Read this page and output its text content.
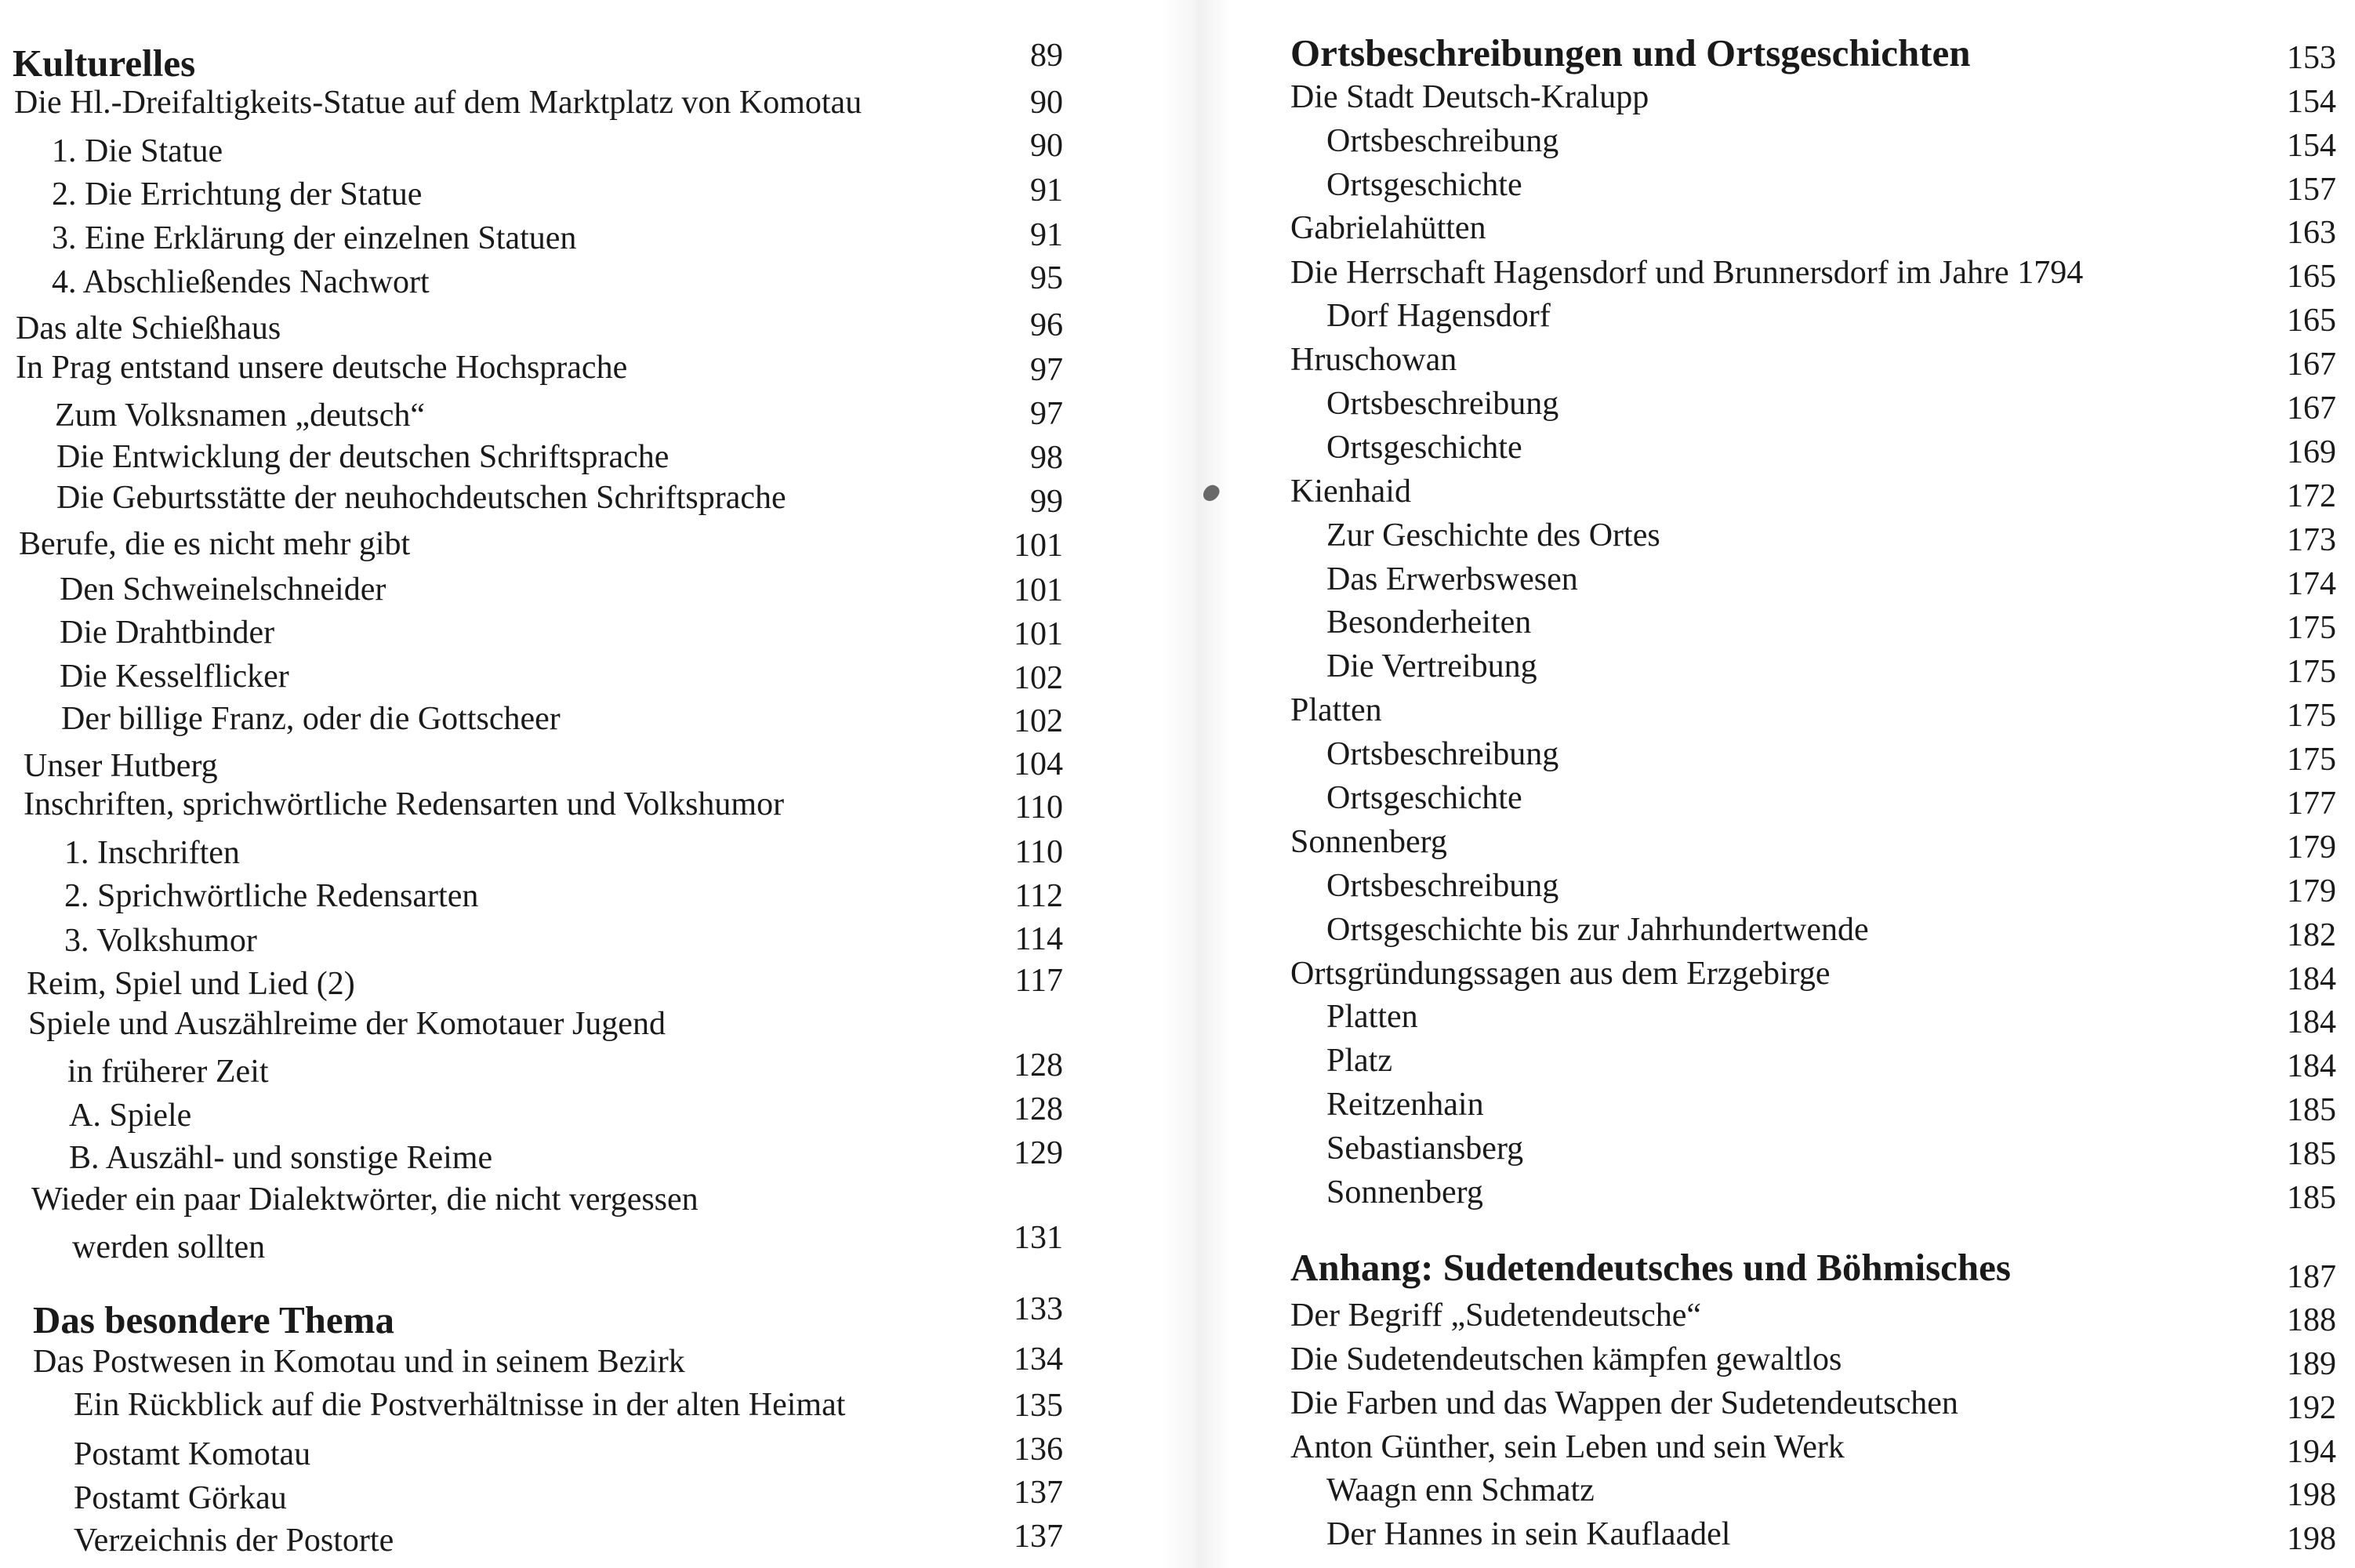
Kulturelles	89
Die Hl.-Dreifaltigkeits-Statue auf dem Marktplatz von Komotau	90
1. Die Statue	90
2. Die Errichtung der Statue	91
3. Eine Erklärung der einzelnen Statuen	91
4. Abschließendes Nachwort	95
Das alte Schießhaus	96
In Prag entstand unsere deutsche Hochsprache	97
Zum Volksnamen „deutsch“	97
Die Entwicklung der deutschen Schriftsprache	98
Die Geburtsstätte der neuhochdeutschen Schriftsprache	99
Berufe, die es nicht mehr gibt	101
Den Schweinelschneider	101
Die Drahtbinder	101
Die Kesselflicker	102
Der billige Franz, oder die Gottscheer	102
Unser Hutberg	104
Inschriften, sprichwörtliche Redensarten und Volkshumor	110
1. Inschriften	110
2. Sprichwörtliche Redensarten	112
3. Volkshumor	114
Reim, Spiel und Lied (2)	117
Spiele und Auszählreime der Komotauer Jugend
in früherer Zeit	128
A. Spiele	128
B. Auszähl- und sonstige Reime	129
Wieder ein paar Dialektwörter, die nicht vergessen
werden sollten	131
Das besondere Thema	133
Das Postwesen in Komotau und in seinem Bezirk	134
Ein Rückblick auf die Postverhältnisse in der alten Heimat	135
Postamt Komotau	136
Postamt Görkau	137
Verzeichnis der Postorte	137
Ortsbeschreibungen und Ortsgeschichten	153
Die Stadt Deutsch-Kralupp	154
Ortsbeschreibung	154
Ortsgeschichte	157
Gabrielahütten	163
Die Herrschaft Hagensdorf und Brunnersdorf im Jahre 1794	165
Dorf Hagensdorf	165
Hruschowan	167
Ortsbeschreibung	167
Ortsgeschichte	169
Kienhaid	172
Zur Geschichte des Ortes	173
Das Erwerbswesen	174
Besonderheiten	175
Die Vertreibung	175
Platten	175
Ortsbeschreibung	175
Ortsgeschichte	177
Sonnenberg	179
Ortsbeschreibung	179
Ortsgeschichte bis zur Jahrhundertwende	182
Ortsgründungssagen aus dem Erzgebirge	184
Platten	184
Platz	184
Reitzenhain	185
Sebastiansberg	185
Sonnenberg	185
Anhang: Sudetendeutsches und Böhmisches	187
Der Begriff „Sudetendeutsche“	188
Die Sudetendeutschen kämpfen gewaltlos	189
Die Farben und das Wappen der Sudetendeutschen	192
Anton Günther, sein Leben und sein Werk	194
Waagn enn Schmatz	198
Der Hannes in sein Kauflaadel	198
